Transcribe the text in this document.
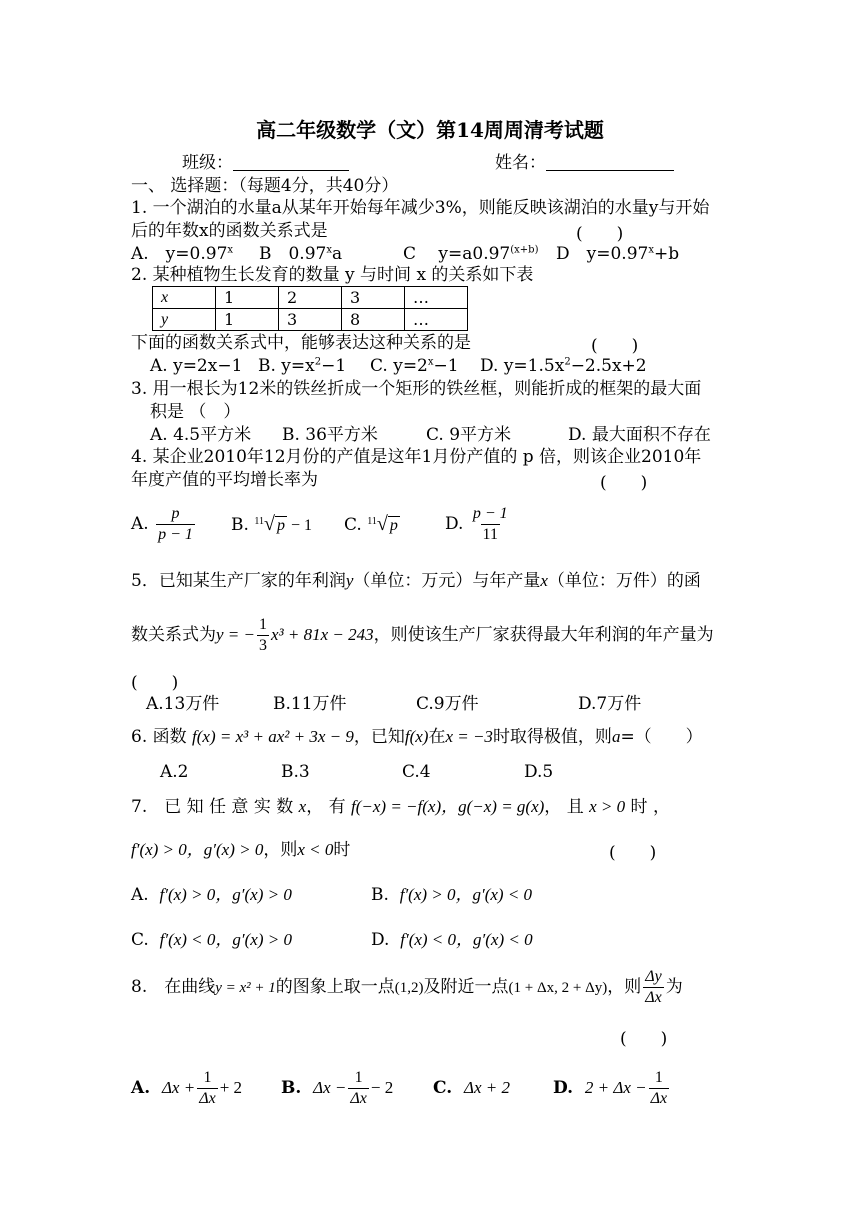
高二年级数学（文）第14周周清考试题
班级：	姓名：
一、 选择题：（每题4分，共40分）
1. 一个湖泊的水量a从某年开始每年减少3%，则能反映该湖泊的水量y与开始
后的年数x的函数关系式是	(　　)
A.　$y=0.97^x$ B　0.97$^x$a	C　 $y=a0.97^{(x+b)}$ D　$y=0.97^x+b$
2. 某种植物生长发育的数量 y 与时间 x 的关系如下表
x	1	2	3	…
y	1	3	8	…
下面的函数关系式中，能够表达这种关系的是	(　　)
A. y=2x−1 B. $y=x^2-1$ C. $y=2^x-1$ D. $y=1.5x^2-2.5x+2$
3. 用一根长为12米的铁丝折成一个矩形的铁丝框，则能折成的框架的最大面
积是 （　）
A. 4.5平方米 B. 36平方米	C. 9平方米	D. 最大面积不存在
4. 某企业2010年12月份的产值是这年1月份产值的 p 倍，则该企业2010年
年度产值的平均增长率为	(　　)
A. $\frac{p}{p - 1} B$. $^{11}$√ p − 1 C. $^{11}$√ p	D. $\frac{p - 1}{11}$
5．已知某生产厂家的年利润y（单位：万元）与年产量x（单位：万件）的函
数关系式为y = − $\frac{1}{3} x^3 + 81x - 243$，则使该生产厂家获得最大年利润的年产量为
(　　)
A.13万件	B.11万件	C.9万件	D.7万件
6. 函数 f(x) = x³ + ax² + 3x − 9，已知f(x)在x = −3时取得极值，则a=（　　）
A.2	B.3	C.4	D.5
7.　已 知 任 意 实 数 x， 有 f(−x) = −f(x)，g(−x) = g(x)， 且 x > 0 时 ，
f′(x) > 0，g′(x) > 0，则x < 0时	(　　)
A. f′(x) > 0，g′(x) > 0	B. f′(x) > 0，g′(x) < 0
C. f′(x) < 0，g′(x) > 0	D. f′(x) < 0，g′(x) < 0
8.　在曲线y = x² + 1的图象上取一点(1,2)及附近一点(1 + Δx, 2 + Δy)，则 $\frac{\Delta y}{\Delta x}$ 为
(　　)
A. $\Delta x + \frac{1}{\Delta x} + 2$ B. $\Delta x - \frac{1}{\Delta x} - 2$ C. Δx + 2	D. $2 + \Delta x - \frac{1}{\Delta x}$
